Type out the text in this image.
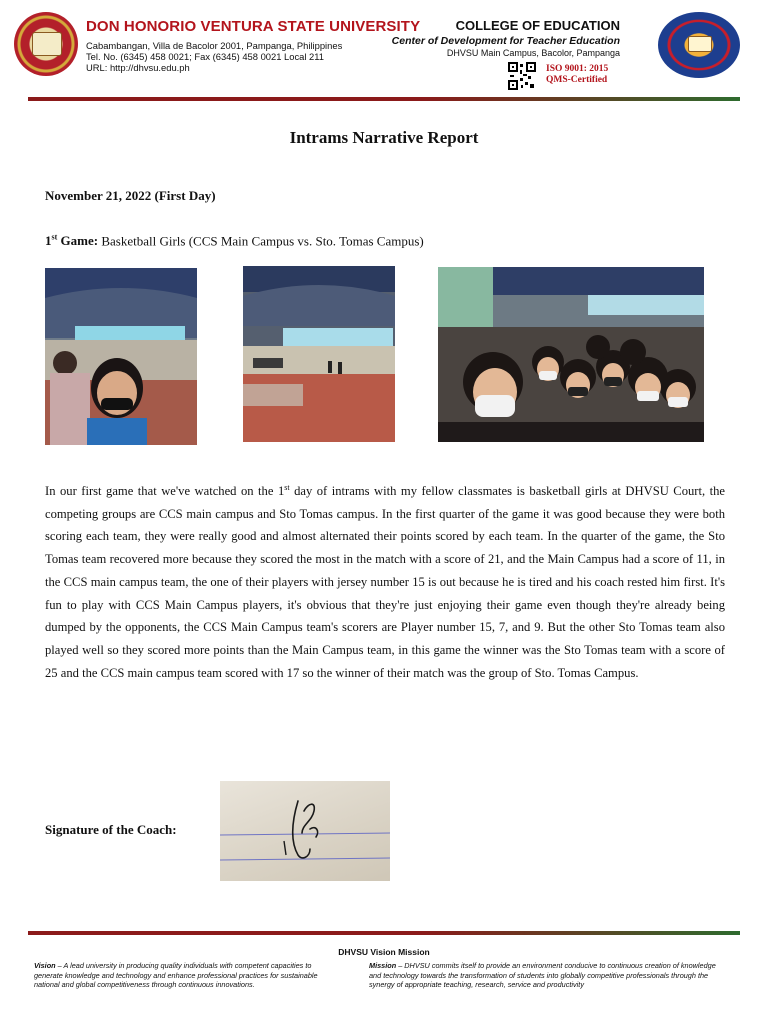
DON HONORIO VENTURA STATE UNIVERSITY
Cabambangan, Villa de Bacolor 2001, Pampanga, Philippines
Tel. No. (6345) 458 0021; Fax (6345) 458 0021 Local 211
URL: http://dhvsu.edu.ph
COLLEGE OF EDUCATION
Center of Development for Teacher Education
DHVSU Main Campus, Bacolor, Pampanga
ISO 9001: 2015
QMS-Certified
Intrams Narrative Report
November 21, 2022 (First Day)
1st Game: Basketball Girls (CCS Main Campus vs. Sto. Tomas Campus)
In our first game that we've watched on the 1st day of intrams with my fellow classmates is basketball girls at DHVSU Court, the competing groups are CCS main campus and Sto Tomas campus. In the first quarter of the game it was good because they were both scoring each team, they were really good and almost alternated their points scored by each team. In the quarter of the game, the Sto Tomas team recovered more because they scored the most in the match with a score of 21, and the Main Campus had a score of 11, in the CCS main campus team, the one of their players with jersey number 15 is out because he is tired and his coach rested him first. It's fun to play with CCS Main Campus players, it's obvious that they're just enjoying their game even though they're already being dumped by the opponents, the CCS Main Campus team's scorers are Player number 15, 7, and 9. But the other Sto Tomas team also played well so they scored more points than the Main Campus team, in this game the winner was the Sto Tomas team with a score of 25 and the CCS main campus team scored with 17 so the winner of their match was the group of Sto. Tomas Campus.
Signature of the Coach:
DHVSU Vision Mission
Vision – A lead university in producing quality individuals with competent capacities to generate knowledge and technology and enhance professional practices for sustainable national and global competitiveness through continuous innovations.
Mission – DHVSU commits itself to provide an environment conducive to continuous creation of knowledge and technology towards the transformation of students into globally competitive professionals through the synergy of appropriate teaching, research, service and productivity
